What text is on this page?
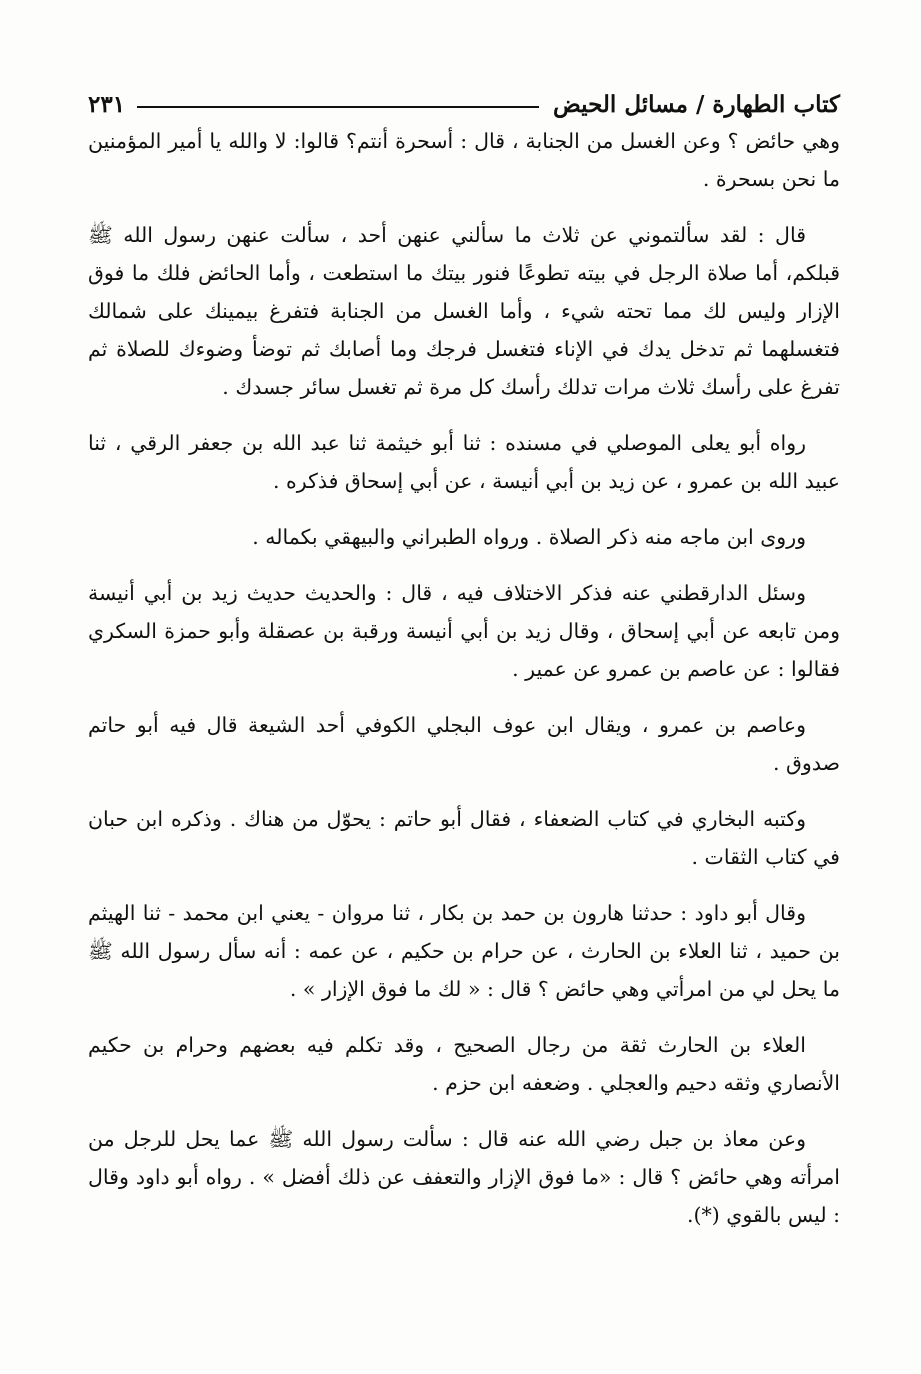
كتاب الطهارة / مسائل الحيض
٢٣١

وهي حائض ؟ وعن الغسل من الجنابة ، قال : أسحرة أنتم؟ قالوا: لا والله يا أمير المؤمنين ما نحن بسحرة .

قال : لقد سألتموني عن ثلاث ما سألني عنهن أحد ، سألت عنهن رسول الله ﷺ قبلكم، أما صلاة الرجل في بيته تطوعًا فنور بيتك ما استطعت ، وأما الحائض فلك ما فوق الإزار وليس لك مما تحته شيء ، وأما الغسل من الجنابة فتفرغ بيمينك على شمالك فتغسلهما ثم تدخل يدك في الإناء فتغسل فرجك وما أصابك ثم توضأ وضوءك للصلاة ثم تفرغ على رأسك ثلاث مرات تدلك رأسك كل مرة ثم تغسل سائر جسدك .

رواه أبو يعلى الموصلي في مسنده : ثنا أبو خيثمة ثنا عبد الله بن جعفر الرقي ، ثنا عبيد الله بن عمرو ، عن زيد بن أبي أنيسة ، عن أبي إسحاق فذكره .

وروى ابن ماجه منه ذكر الصلاة . ورواه الطبراني والبيهقي بكماله .

وسئل الدارقطني عنه فذكر الاختلاف فيه ، قال : والحديث حديث زيد بن أبي أنيسة ومن تابعه عن أبي إسحاق ، وقال زيد بن أبي أنيسة ورقبة بن عصقلة وأبو حمزة السكري فقالوا : عن عاصم بن عمرو عن عمير .

وعاصم بن عمرو ، ويقال ابن عوف البجلي الكوفي أحد الشيعة قال فيه أبو حاتم صدوق .

وكتبه البخاري في كتاب الضعفاء ، فقال أبو حاتم : يحوّل من هناك . وذكره ابن حبان في كتاب الثقات .

وقال أبو داود : حدثنا هارون بن حمد بن بكار ، ثنا مروان - يعني ابن محمد - ثنا الهيثم بن حميد ، ثنا العلاء بن الحارث ، عن حرام بن حكيم ، عن عمه : أنه سأل رسول الله ﷺ ما يحل لي من امرأتي وهي حائض ؟ قال : « لك ما فوق الإزار » .

العلاء بن الحارث ثقة من رجال الصحيح ، وقد تكلم فيه بعضهم وحرام بن حكيم الأنصاري وثقه دحيم والعجلي . وضعفه ابن حزم .

وعن معاذ بن جبل رضي الله عنه قال : سألت رسول الله ﷺ عما يحل للرجل من امرأته وهي حائض ؟ قال : «ما فوق الإزار والتعفف عن ذلك أفضل » . رواه أبو داود وقال : ليس بالقوي (*).
